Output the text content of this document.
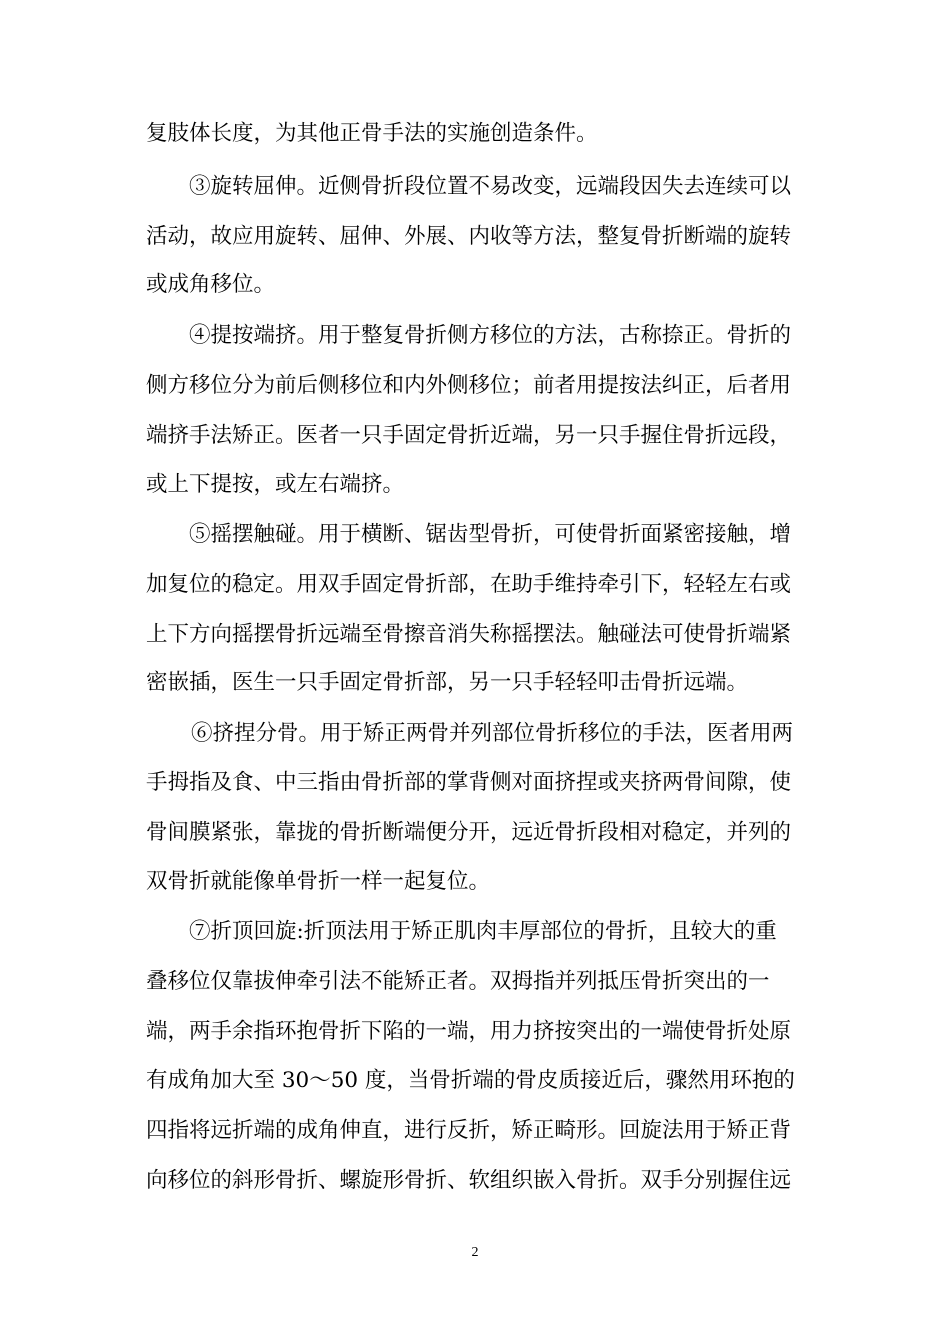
复肢体长度，为其他正骨手法的实施创造条件。
③旋转屈伸。近侧骨折段位置不易改变，远端段因失去连续可以
活动，故应用旋转、屈伸、外展、内收等方法，整复骨折断端的旋转
或成角移位。
④提按端挤。用于整复骨折侧方移位的方法，古称捺正。骨折的
侧方移位分为前后侧移位和内外侧移位；前者用提按法纠正，后者用
端挤手法矫正。医者一只手固定骨折近端，另一只手握住骨折远段，
或上下提按，或左右端挤。
⑤摇摆触碰。用于横断、锯齿型骨折，可使骨折面紧密接触，增
加复位的稳定。用双手固定骨折部，在助手维持牵引下，轻轻左右或
上下方向摇摆骨折远端至骨擦音消失称摇摆法。触碰法可使骨折端紧
密嵌插，医生一只手固定骨折部，另一只手轻轻叩击骨折远端。
⑥挤捏分骨。用于矫正两骨并列部位骨折移位的手法，医者用两
手拇指及食、中三指由骨折部的掌背侧对面挤捏或夹挤两骨间隙，使
骨间膜紧张，靠拢的骨折断端便分开，远近骨折段相对稳定，并列的
双骨折就能像单骨折一样一起复位。
⑦折顶回旋:折顶法用于矫正肌肉丰厚部位的骨折，且较大的重
叠移位仅靠拔伸牵引法不能矫正者。双拇指并列抵压骨折突出的一
端，两手余指环抱骨折下陷的一端，用力挤按突出的一端使骨折处原
有成角加大至 30～50 度，当骨折端的骨皮质接近后，骤然用环抱的
四指将远折端的成角伸直，进行反折，矫正畸形。回旋法用于矫正背
向移位的斜形骨折、螺旋形骨折、软组织嵌入骨折。双手分别握住远
2
